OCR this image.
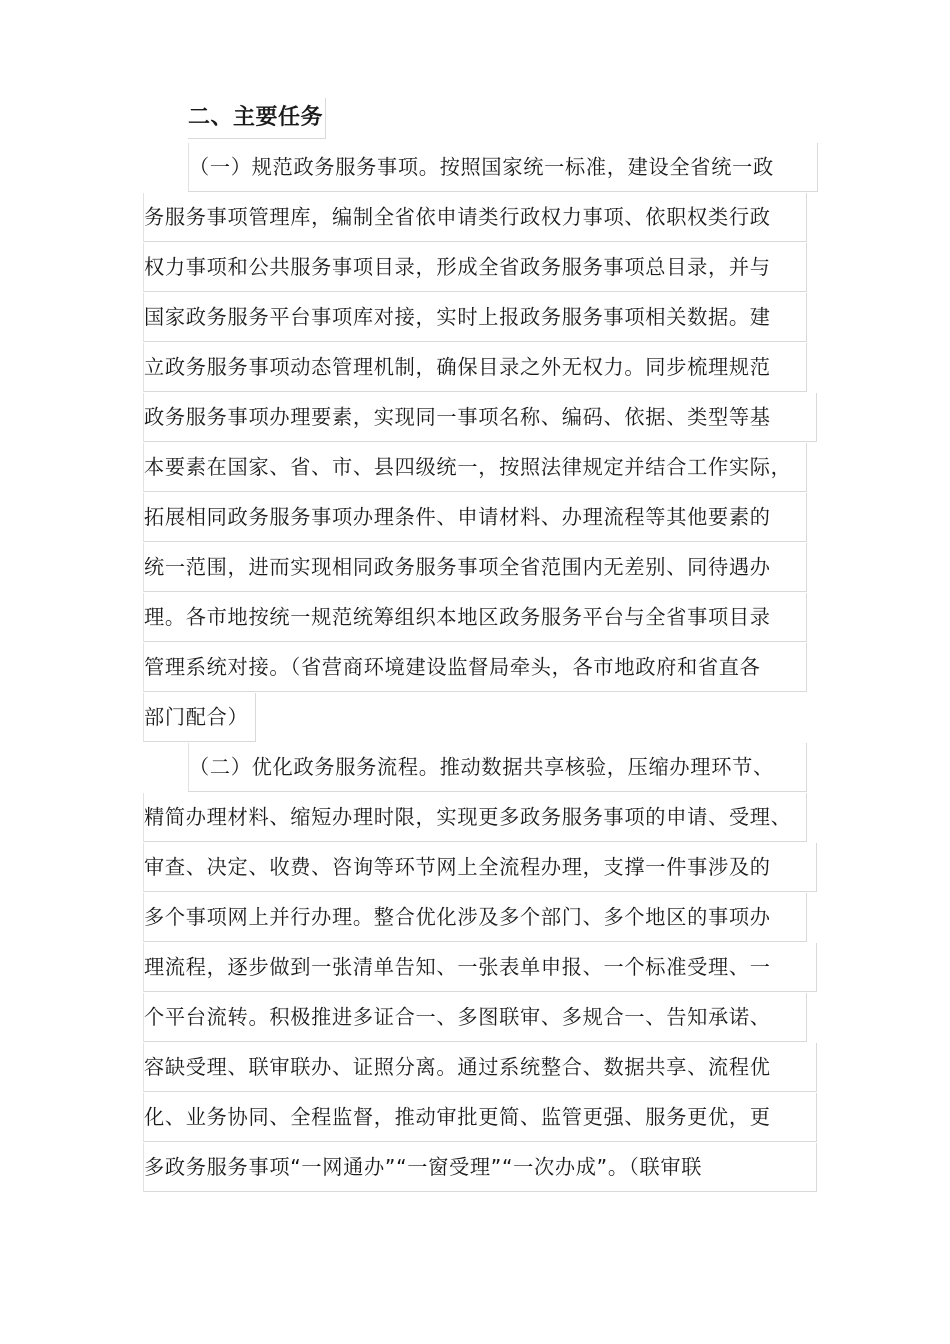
二、主要任务
（一）规范政务服务事项。按照国家统一标准，建设全省统一政
务服务事项管理库，编制全省依申请类行政权力事项、依职权类行政
权力事项和公共服务事项目录，形成全省政务服务事项总目录，并与
国家政务服务平台事项库对接，实时上报政务服务事项相关数据。建
立政务服务事项动态管理机制，确保目录之外无权力。同步梳理规范
政务服务事项办理要素，实现同一事项名称、编码、依据、类型等基
本要素在国家、省、市、县四级统一，按照法律规定并结合工作实际，
拓展相同政务服务事项办理条件、申请材料、办理流程等其他要素的
统一范围，进而实现相同政务服务事项全省范围内无差别、同待遇办
理。各市地按统一规范统筹组织本地区政务服务平台与全省事项目录
管理系统对接。（省营商环境建设监督局牵头，各市地政府和省直各
部门配合）
（二）优化政务服务流程。推动数据共享核验，压缩办理环节、
精简办理材料、缩短办理时限，实现更多政务服务事项的申请、受理、
审查、决定、收费、咨询等环节网上全流程办理，支撑一件事涉及的
多个事项网上并行办理。整合优化涉及多个部门、多个地区的事项办
理流程，逐步做到一张清单告知、一张表单申报、一个标准受理、一
个平台流转。积极推进多证合一、多图联审、多规合一、告知承诺、
容缺受理、联审联办、证照分离。通过系统整合、数据共享、流程优
化、业务协同、全程监督，推动审批更简、监管更强、服务更优，更
多政务服务事项“一网通办”“一窗受理”“一次办成”。（联审联
